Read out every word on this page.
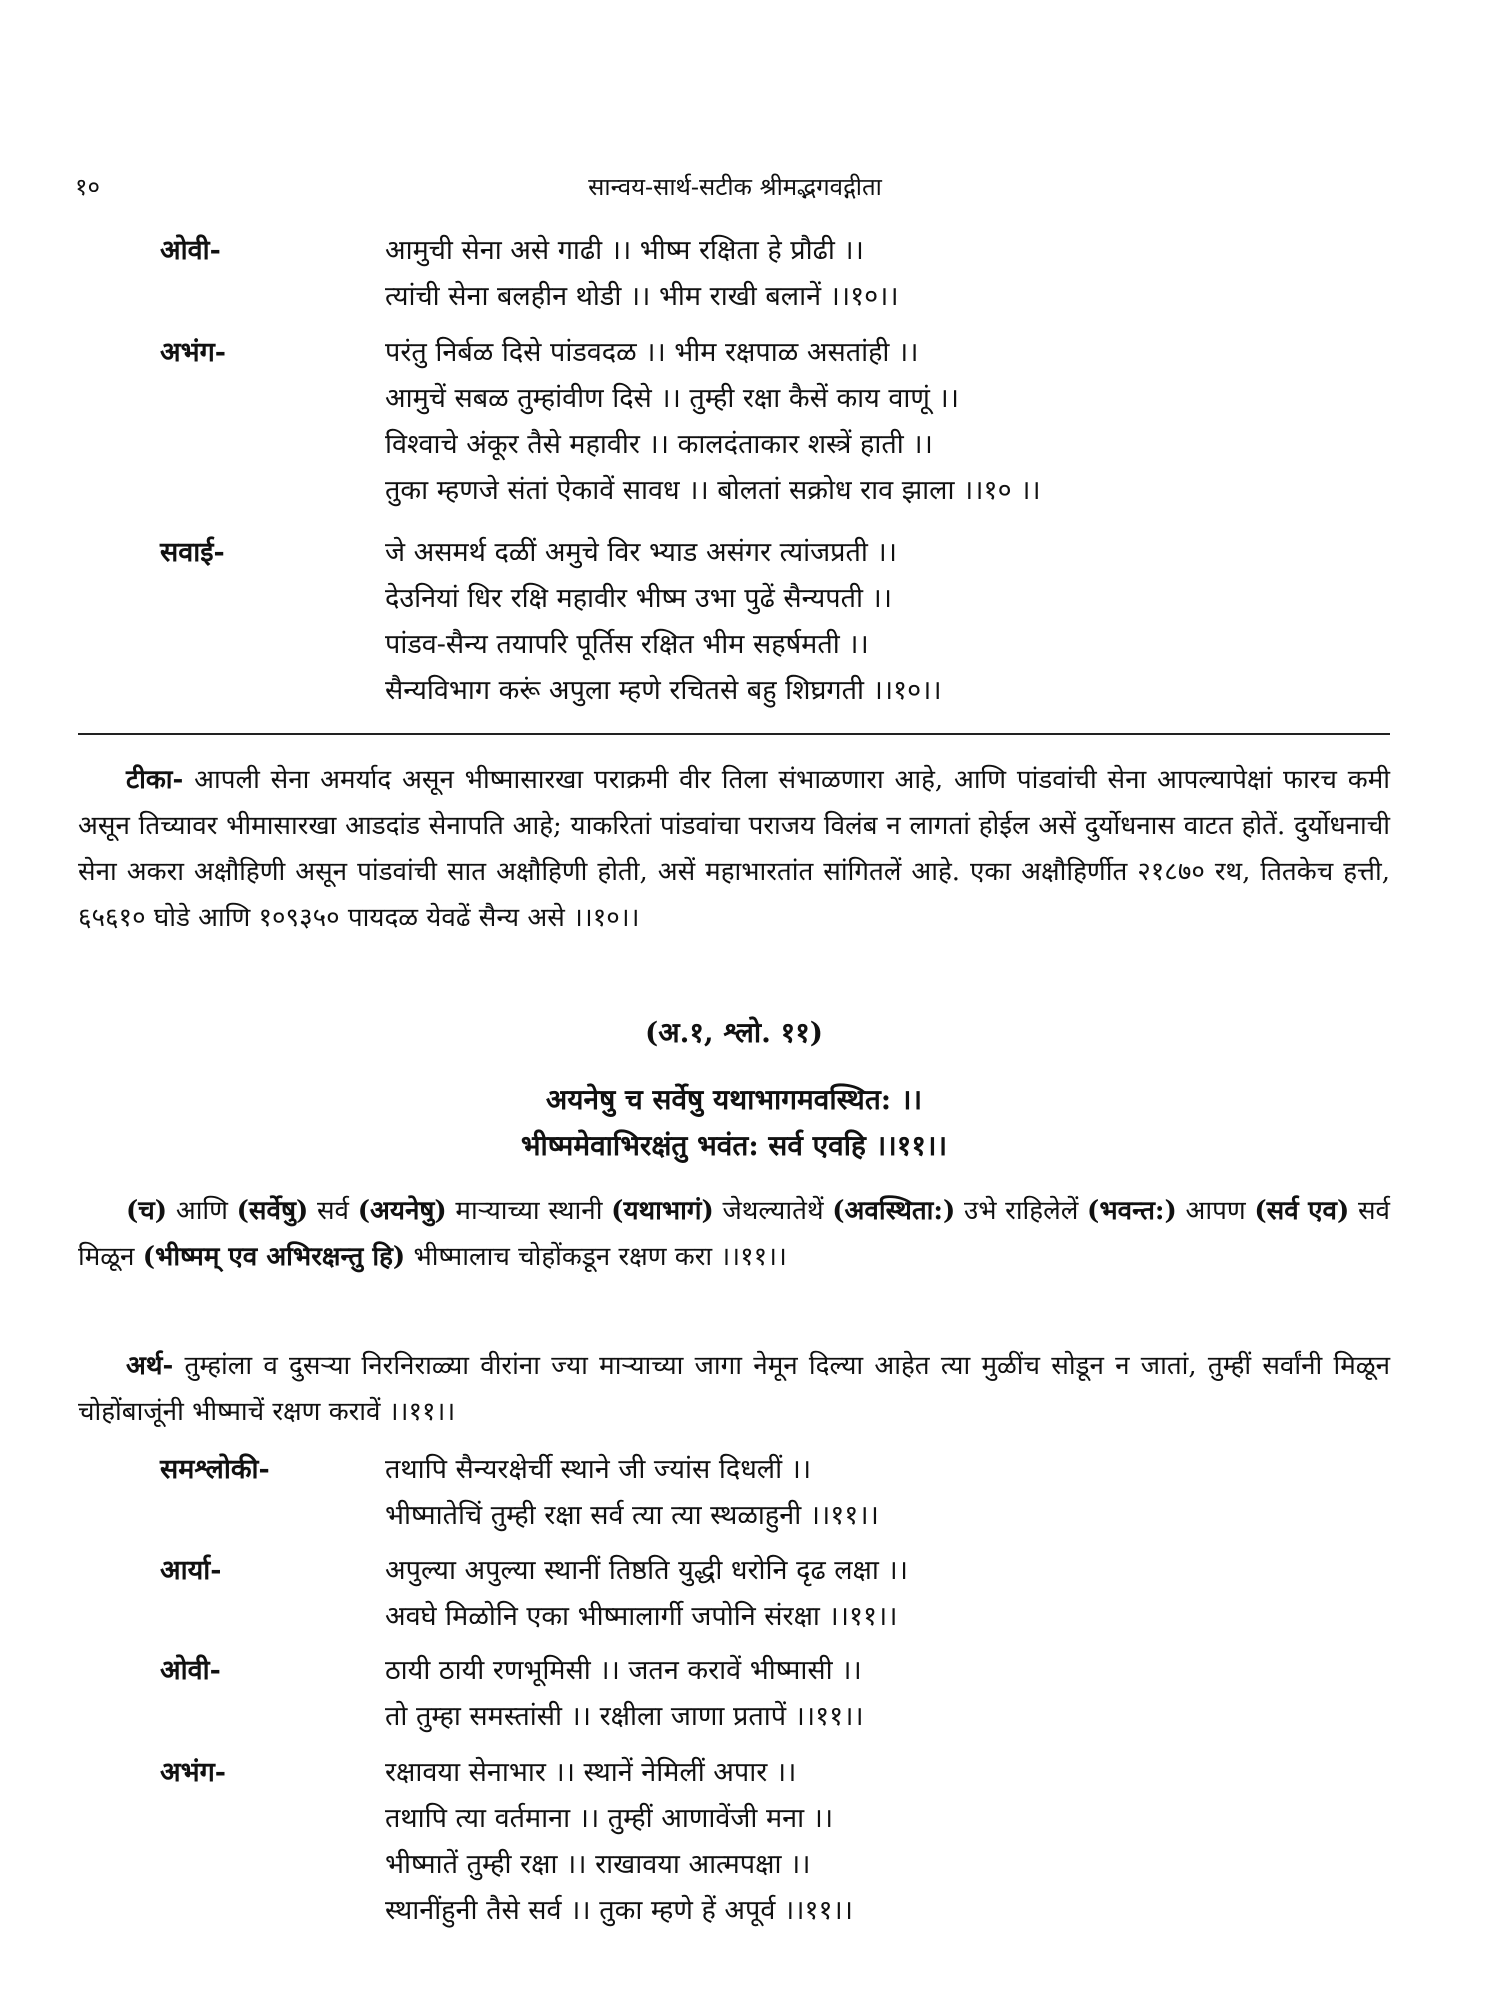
१०	सान्वय-सार्थ-सटीक श्रीमद्भगवद्गीता
ओवी-	आमुची सेना असे गाढी ।। भीष्म रक्षिता हे प्रौढी ।।
त्यांची सेना बलहीन थोडी ।। भीम राखी बलानें ।।१०।।
अभंग-	परंतु निर्बळ दिसे पांडवदळ ।। भीम रक्षपाळ असतांही ।।
आमुचें सबळ तुम्हांवीण दिसे ।। तुम्ही रक्षा कैसें काय वाणूं ।।
विश्वाचे अंकूर तैसे महावीर ।। कालदंताकार शस्त्रें हाती ।।
तुका म्हणजे संतां ऐकावें सावध ।। बोलतां सक्रोध राव झाला ।।१० ।।
सवाई-	जे असमर्थ दळीं अमुचे विर भ्याड असंगर त्यांजप्रती ।।
देउनियां धिर रक्षि महावीर भीष्म उभा पुढें सैन्यपती ।।
पांडव-सैन्य तयापरि पूर्तिस रक्षित भीम सहर्षमती ।।
सैन्यविभाग करूं अपुला म्हणे रचितसे बहु शिघ्रगती ।।१०।।
टीका- आपली सेना अमर्याद असून भीष्मासारखा पराक्रमी वीर तिला संभाळणारा आहे, आणि पांडवांची सेना आपल्यापेक्षां फारच कमी असून तिच्यावर भीमासारखा आडदांड सेनापति आहे; याकरितां पांडवांचा पराजय विलंब न लागतां होईल असें दुर्योधनास वाटत होतें. दुर्योधनाची सेना अकरा अक्षौहिणी असून पांडवांची सात अक्षौहिणी होती, असें महाभारतांत सांगितलें आहे. एका अक्षौहिर्णीत २१८७० रथ, तितकेच हत्ती, ६५६१० घोडे आणि १०९३५० पायदळ येवढें सैन्य असे ।।१०।।
(अ.१, श्लो. ११)
अयनेषु च सर्वेषु यथाभागमवस्थित: ।।
भीष्ममेवाभिरक्षंतु भवंत: सर्व एवहि ।।११।।
(च) आणि (सर्वेषु) सर्व (अयनेषु) माऱ्याच्या स्थानी (यथाभागं) जेथल्यातेथें (अवस्थिता:) उभे राहिलेलें (भवन्त:) आपण (सर्व एव) सर्व मिळून (भीष्मम् एव अभिरक्षन्तु हि) भीष्मालाच चोहोंकडून रक्षण करा ।।११।।
अर्थ- तुम्हांला व दुसऱ्या निरनिराळ्या वीरांना ज्या माऱ्याच्या जागा नेमून दिल्या आहेत त्या मुळींच सोडून न जातां, तुम्हीं सर्वांनी मिळून चोहोंबाजूंनी भीष्माचें रक्षण करावें ।।११।।
समश्लोकी-	तथापि सैन्यरक्षेर्ची स्थाने जी ज्यांस दिधलीं ।।
भीष्मातेचिं तुम्ही रक्षा सर्व त्या त्या स्थळाहुनी ।।११।।
आर्या-	अपुल्या अपुल्या स्थानीं तिष्ठति युद्धी धरोनि दृढ लक्षा ।।
अवघे मिळोनि एका भीष्मालार्गी जपोनि संरक्षा ।।११।।
ओवी-	ठायी ठायी रणभूमिसी ।। जतन करावें भीष्मासी ।।
तो तुम्हा समस्तांसी ।। रक्षीला जाणा प्रतापें ।।११।।
अभंग-	रक्षावया सेनाभार ।। स्थानें नेमिलीं अपार ।।
तथापि त्या वर्तमाना ।। तुम्हीं आणावेंजी मना ।।
भीष्मातें तुम्ही रक्षा ।। राखावया आत्मपक्षा ।।
स्थानींहुनी तैसे सर्व ।। तुका म्हणे हें अपूर्व ।।११।।
